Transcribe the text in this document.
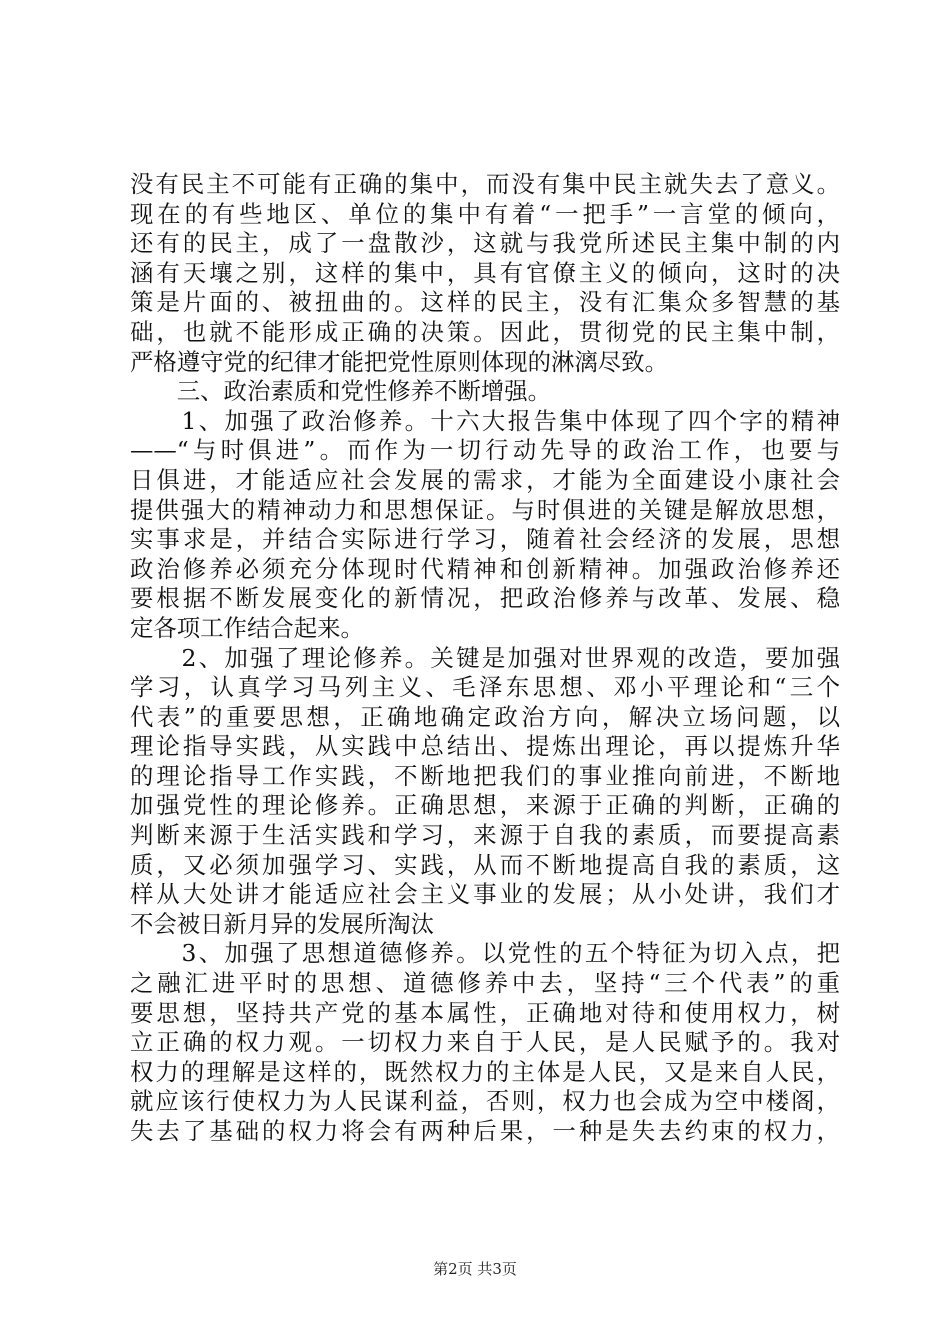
没有民主不可能有正确的集中，而没有集中民主就失去了意义。
现在的有些地区、单位的集中有着“一把手”一言堂的倾向，
还有的民主，成了一盘散沙，这就与我党所述民主集中制的内
涵有天壤之别，这样的集中，具有官僚主义的倾向，这时的决
策是片面的、被扭曲的。这样的民主，没有汇集众多智慧的基
础，也就不能形成正确的决策。因此，贯彻党的民主集中制，
严格遵守党的纪律才能把党性原则体现的淋漓尽致。
　　三、政治素质和党性修养不断增强。
　　1、加强了政治修养。十六大报告集中体现了四个字的精神
——“与时俱进”。而作为一切行动先导的政治工作，也要与
日俱进，才能适应社会发展的需求，才能为全面建设小康社会
提供强大的精神动力和思想保证。与时俱进的关键是解放思想，
实事求是，并结合实际进行学习，随着社会经济的发展，思想
政治修养必须充分体现时代精神和创新精神。加强政治修养还
要根据不断发展变化的新情况，把政治修养与改革、发展、稳
定各项工作结合起来。
　　2、加强了理论修养。关键是加强对世界观的改造，要加强
学习，认真学习马列主义、毛泽东思想、邓小平理论和“三个
代表”的重要思想，正确地确定政治方向，解决立场问题，以
理论指导实践，从实践中总结出、提炼出理论，再以提炼升华
的理论指导工作实践，不断地把我们的事业推向前进，不断地
加强党性的理论修养。正确思想，来源于正确的判断，正确的
判断来源于生活实践和学习，来源于自我的素质，而要提高素
质，又必须加强学习、实践，从而不断地提高自我的素质，这
样从大处讲才能适应社会主义事业的发展；从小处讲，我们才
不会被日新月异的发展所淘汰
　　3、加强了思想道德修养。以党性的五个特征为切入点，把
之融汇进平时的思想、道德修养中去，坚持“三个代表”的重
要思想，坚持共产党的基本属性，正确地对待和使用权力，树
立正确的权力观。一切权力来自于人民，是人民赋予的。我对
权力的理解是这样的，既然权力的主体是人民，又是来自人民，
就应该行使权力为人民谋利益，否则，权力也会成为空中楼阁，
失去了基础的权力将会有两种后果，一种是失去约束的权力，
第2页 共3页
